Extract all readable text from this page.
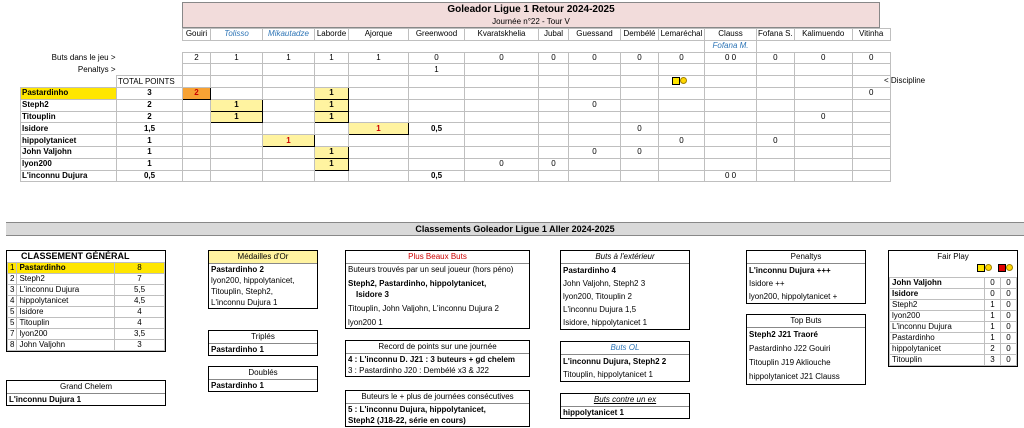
Goleador Ligue 1 Retour 2024-2025
Journée n°22 - Tour V
		Gouiri	Tolisso	Mikautadze	Laborde	Ajorque	Greenwood	Kvaratskhelia	Jubal	Guessand	Dembélé	Lemaréchal	Clauss	Fofana S.	Kalimuendo	Vitinha
													Fofana M.			
Buts dans le jeu >		2	1	1	1	1	0	0	0	0	0	0	0 0	0	0	0
Penaltys >							1									
	TOTAL POINTS															
Pastardinho	3	2			1											0
Steph2	2		1		1					0						
Titouplin	2		1		1										0	
Isidore	1,5					1	0,5				0					
hippolytanicet	1			1								0		0		
John Valjohn	1				1					0	0					
lyon200	1				1			0	0							
L'inconnu Dujura	0,5						0,5						0 0			
< Discipline
Classements Goleador Ligue 1 Aller 2024-2025
CLASSEMENT GÉNÉRAL
1	Pastardinho	8
2	Steph2	7
3	L'inconnu Dujura	5,5
4	hippolytanicet	4,5
5	Isidore	4
5	Titouplin	4
7	lyon200	3,5
8	John Valjohn	3
Grand Chelem
L'inconnu Dujura 1
Médailles d'Or
Pastardinho 2
lyon200, hippolytanicet,
Titouplin, Steph2,
L'inconnu Dujura 1
Triplés
Pastardinho 1
Doublés
Pastardinho 1
Plus Beaux Buts
Buteurs trouvés par un seul joueur (hors péno)
Steph2, Pastardinho, hippolytanicet,
Isidore 3
Titouplin, John Valjohn, L'inconnu Dujura 2
lyon200 1
Record de points sur une journée
4 : L'inconnu D. J21 : 3 buteurs + gd chelem
3 : Pastardinho J20 : Dembélé x3 & J22
Buteurs le + plus de journées consécutives
5 : L'inconnu Dujura, hippolytanicet,
Steph2 (J18-22, série en cours)
Buts à l'extérieur
Pastardinho 4
John Valjohn, Steph2 3
lyon200, Titouplin 2
L'inconnu Dujura 1,5
Isidore, hippolytanicet 1
Buts OL
L'inconnu Dujura, Steph2 2
Titouplin, hippolytanicet 1
Buts contre un ex
hippolytanicet 1
Penaltys
L'inconnu Dujura +++
Isidore ++
lyon200, hippolytanicet +
Top Buts
Steph2 J21 Traoré
Pastardinho J22 Gouiri
Titouplin J19 Akliouche
hippolytanicet J21 Clauss
Fair Play

John Valjohn	0	0
Isidore	0	0
Steph2	1	0
lyon200	1	0
L'inconnu Dujura	1	0
Pastardinho	1	0
hippolytanicet	2	0
Titouplin	3	0
